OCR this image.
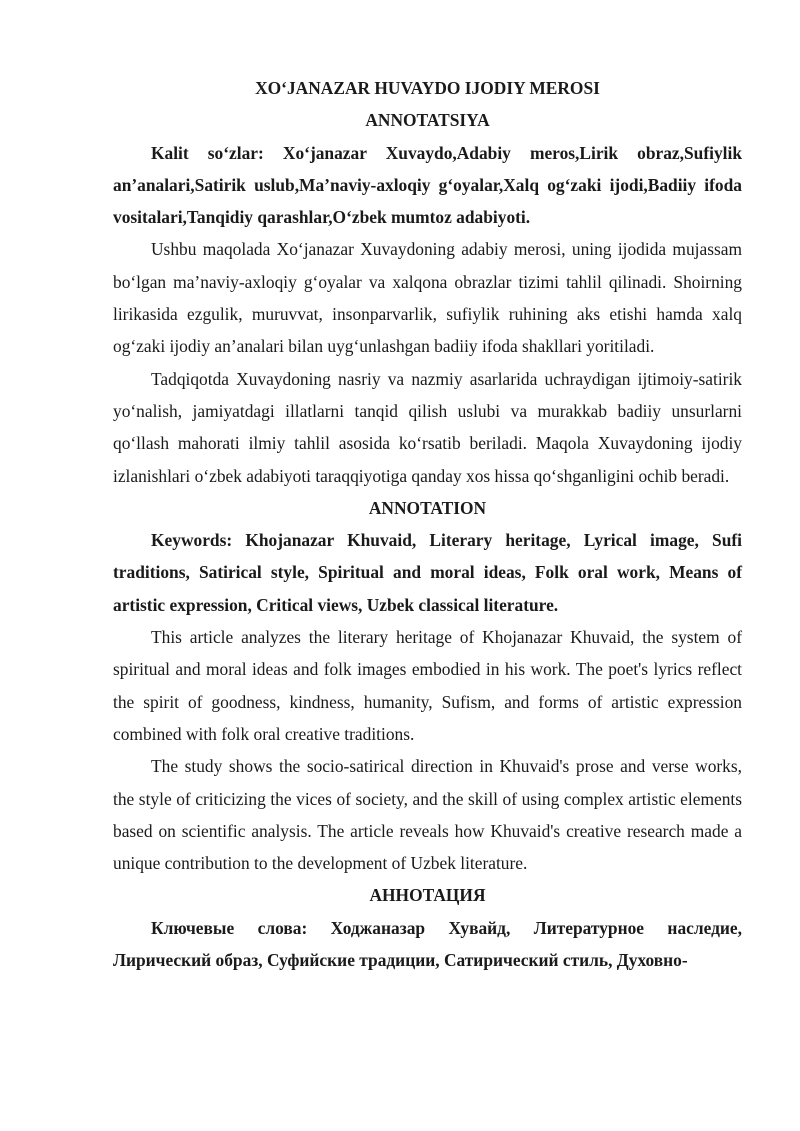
XO‘JANAZAR HUVAYDO IJODIY MEROSI

ANNOTATSIYA

Kalit so‘zlar: Xo‘janazar Xuvaydo,Adabiy meros,Lirik obraz,Sufiylik an’analari,Satirik uslub,Ma’naviy-axloqiy g‘oyalar,Xalq og‘zaki ijodi,Badiiy ifoda vositalari,Tanqidiy qarashlar,O‘zbek mumtoz adabiyoti.

Ushbu maqolada Xo‘janazar Xuvaydoning adabiy merosi, uning ijodida mujassam bo‘lgan ma’naviy-axloqiy g‘oyalar va xalqona obrazlar tizimi tahlil qilinadi. Shoirning lirikasida ezgulik, muruvvat, insonparvarlik, sufiylik ruhining aks etishi hamda xalq og‘zaki ijodiy an’analari bilan uyg‘unlashgan badiiy ifoda shakllari yoritiladi.

Tadqiqotda Xuvaydoning nasriy va nazmiy asarlarida uchraydigan ijtimoiy-satirik yo‘nalish, jamiyatdagi illatlarni tanqid qilish uslubi va murakkab badiiy unsurlarni qo‘llash mahorati ilmiy tahlil asosida ko‘rsatib beriladi. Maqola Xuvaydoning ijodiy izlanishlari o‘zbek adabiyoti taraqqiyotiga qanday xos hissa qo‘shganligini ochib beradi.

ANNOTATION

Keywords: Khojanazar Khuvaid, Literary heritage, Lyrical image, Sufi traditions, Satirical style, Spiritual and moral ideas, Folk oral work, Means of artistic expression, Critical views, Uzbek classical literature.

This article analyzes the literary heritage of Khojanazar Khuvaid, the system of spiritual and moral ideas and folk images embodied in his work. The poet's lyrics reflect the spirit of goodness, kindness, humanity, Sufism, and forms of artistic expression combined with folk oral creative traditions.

The study shows the socio-satirical direction in Khuvaid's prose and verse works, the style of criticizing the vices of society, and the skill of using complex artistic elements based on scientific analysis. The article reveals how Khuvaid's creative research made a unique contribution to the development of Uzbek literature.

АННОТАЦИЯ

Ключевые слова: Ходжаназар Хувайд, Литературное наследие, Лирический образ, Суфийские традиции, Сатирический стиль, Духовно-
